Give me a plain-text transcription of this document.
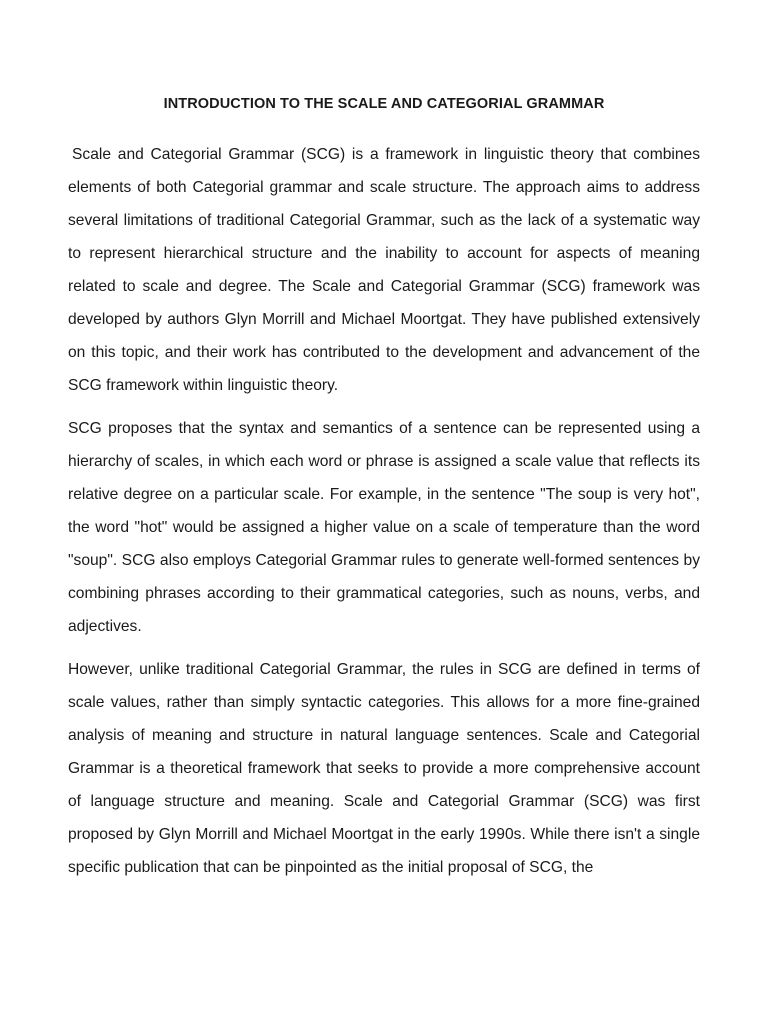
INTRODUCTION TO THE SCALE AND CATEGORIAL GRAMMAR

Scale and Categorial Grammar (SCG) is a framework in linguistic theory that combines elements of both Categorial grammar and scale structure. The approach aims to address several limitations of traditional Categorial Grammar, such as the lack of a systematic way to represent hierarchical structure and the inability to account for aspects of meaning related to scale and degree. The Scale and Categorial Grammar (SCG) framework was developed by authors Glyn Morrill and Michael Moortgat. They have published extensively on this topic, and their work has contributed to the development and advancement of the SCG framework within linguistic theory.

SCG proposes that the syntax and semantics of a sentence can be represented using a hierarchy of scales, in which each word or phrase is assigned a scale value that reflects its relative degree on a particular scale. For example, in the sentence "The soup is very hot", the word "hot" would be assigned a higher value on a scale of temperature than the word "soup". SCG also employs Categorial Grammar rules to generate well-formed sentences by combining phrases according to their grammatical categories, such as nouns, verbs, and adjectives.

However, unlike traditional Categorial Grammar, the rules in SCG are defined in terms of scale values, rather than simply syntactic categories. This allows for a more fine-grained analysis of meaning and structure in natural language sentences. Scale and Categorial Grammar is a theoretical framework that seeks to provide a more comprehensive account of language structure and meaning. Scale and Categorial Grammar (SCG) was first proposed by Glyn Morrill and Michael Moortgat in the early 1990s. While there isn't a single specific publication that can be pinpointed as the initial proposal of SCG, the
